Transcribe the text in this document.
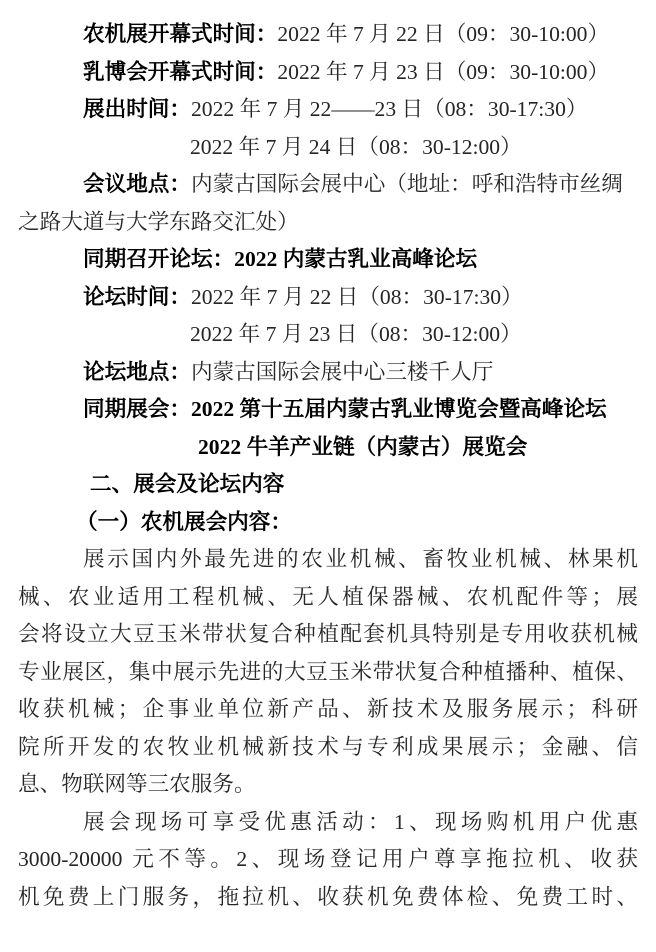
农机展开幕式时间：2022 年 7 月 22 日（09：30-10:00）
乳博会开幕式时间：2022 年 7 月 23 日（09：30-10:00）
展出时间：2022 年 7 月 22——23 日（08：30-17:30）
2022 年 7 月 24 日（08：30-12:00）
会议地点：内蒙古国际会展中心（地址：呼和浩特市丝绸
之路大道与大学东路交汇处）
同期召开论坛：2022 内蒙古乳业高峰论坛
论坛时间：2022 年 7 月 22 日（08：30-17:30）
2022 年 7 月 23 日（08：30-12:00）
论坛地点：内蒙古国际会展中心三楼千人厅
同期展会：2022 第十五届内蒙古乳业博览会暨高峰论坛
2022 牛羊产业链（内蒙古）展览会
二、展会及论坛内容
（一）农机展会内容：
展示国内外最先进的农业机械、畜牧业机械、林果机
械、农业适用工程机械、无人植保器械、农机配件等；展
会将设立大豆玉米带状复合种植配套机具特别是专用收获机械
专业展区，集中展示先进的大豆玉米带状复合种植播种、植保、
收获机械；企事业单位新产品、新技术及服务展示；科研
院所开发的农牧业机械新技术与专利成果展示；金融、信
息、物联网等三农服务。
展会现场可享受优惠活动：1、现场购机用户优惠
3000-20000 元不等。2、现场登记用户尊享拖拉机、收获
机免费上门服务，拖拉机、收获机免费体检、免费工时、
